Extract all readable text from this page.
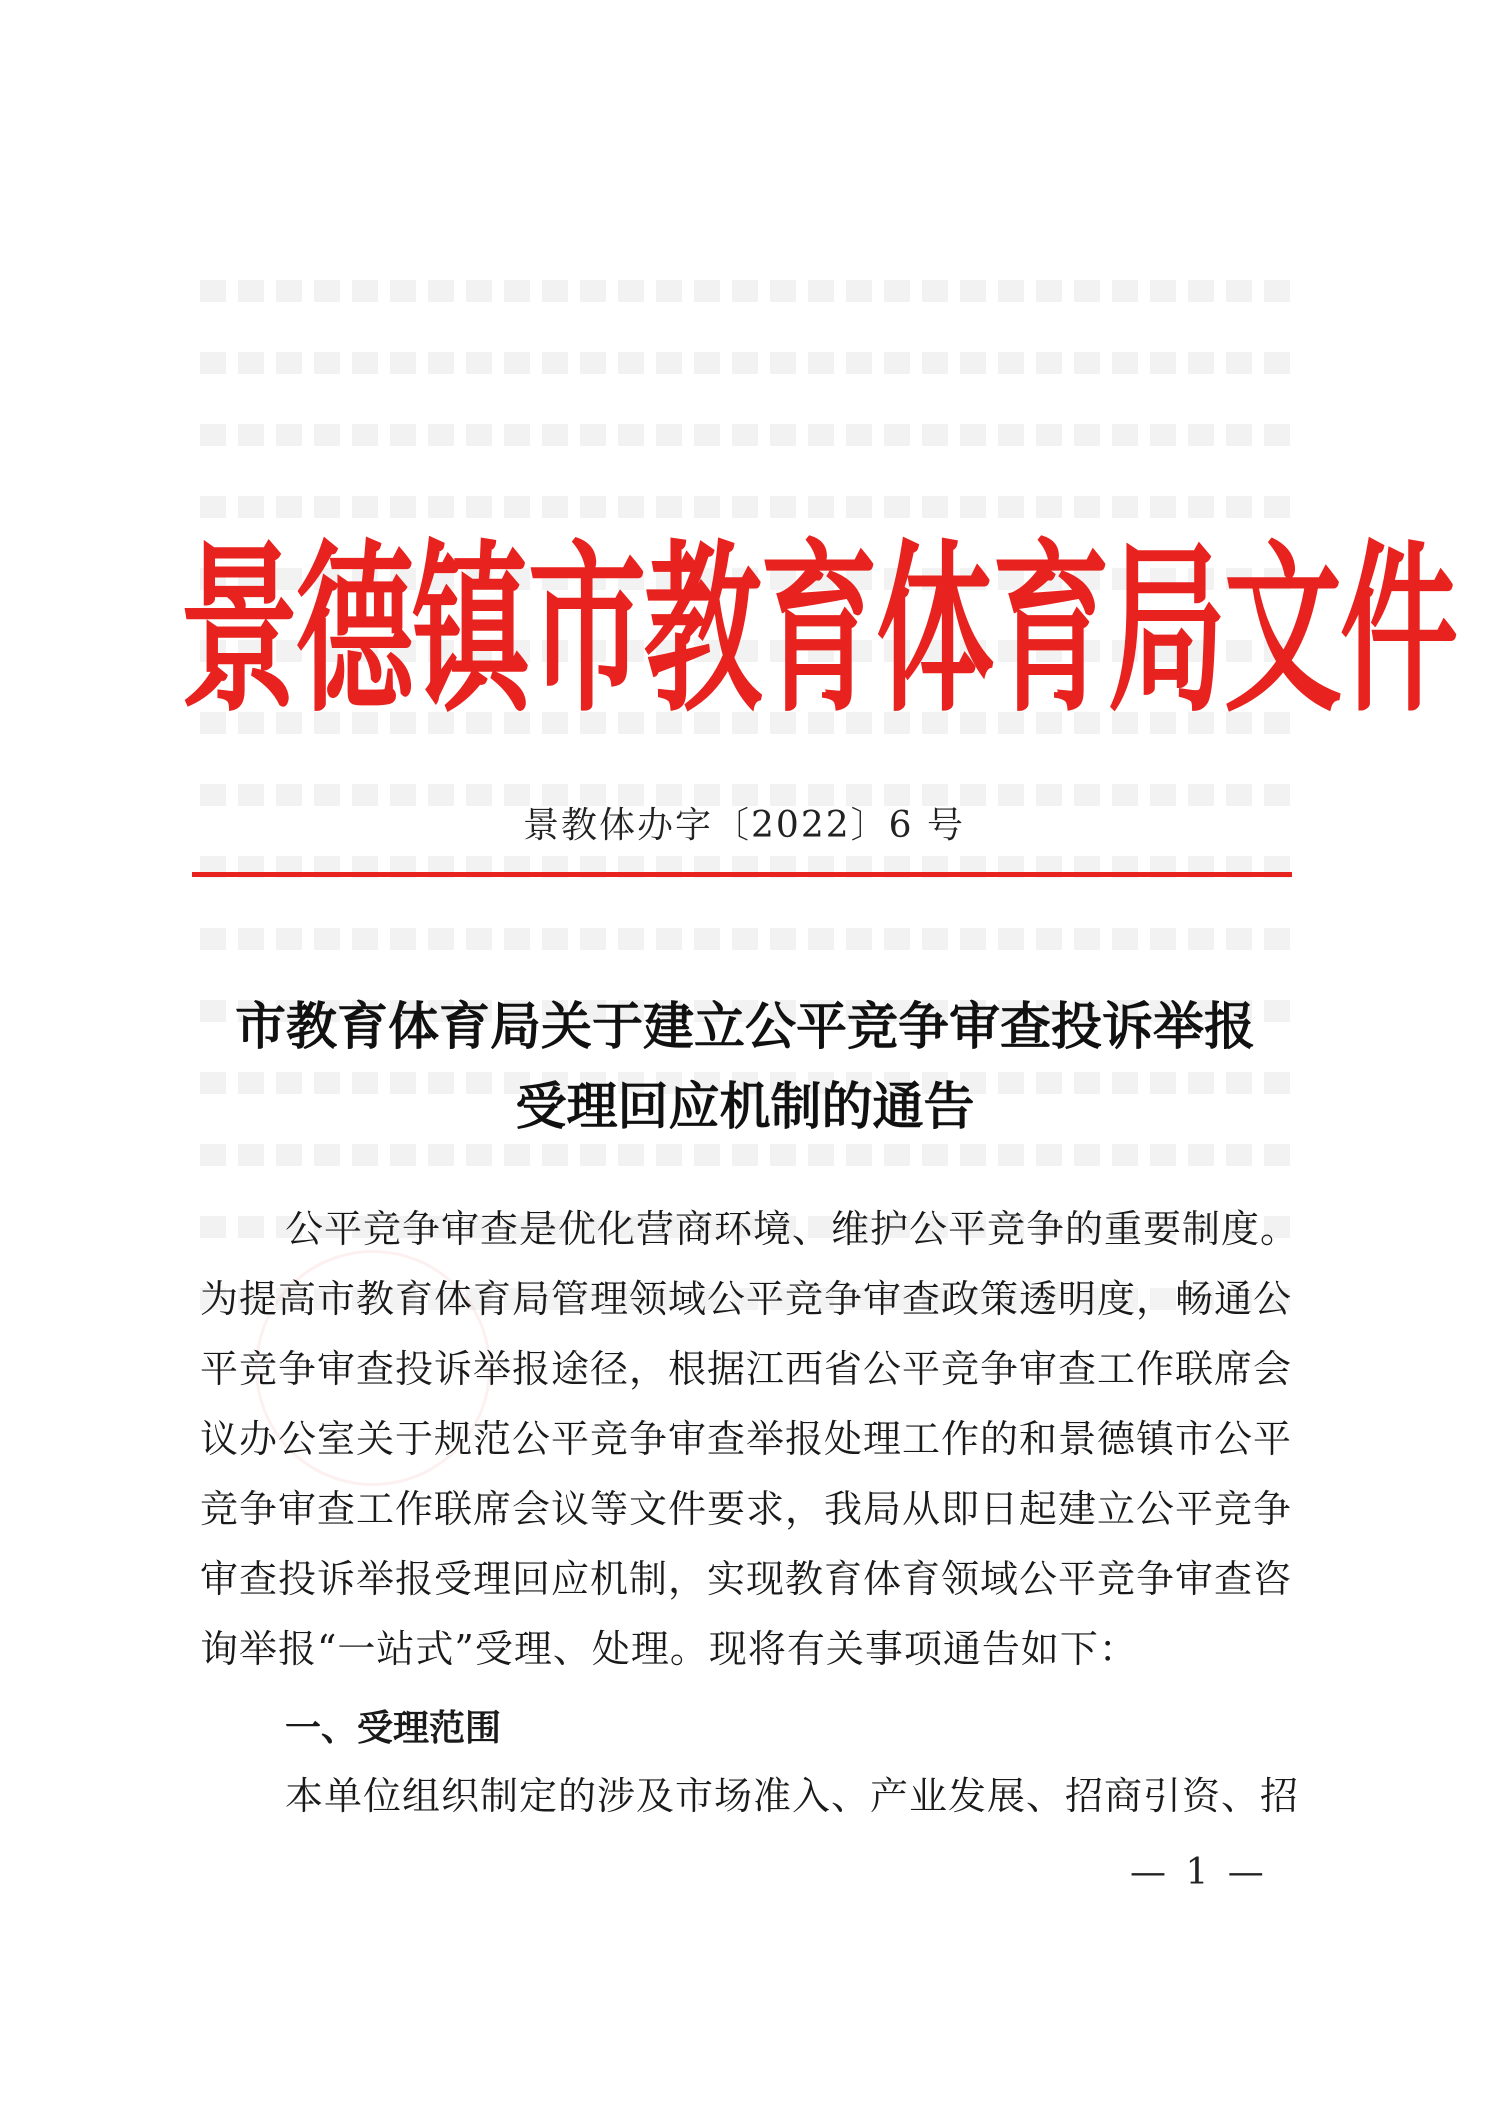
景德镇市教育体育局文件
景教体办字〔2022〕6 号
市教育体育局关于建立公平竞争审查投诉举报
受理回应机制的通告
公平竞争审查是优化营商环境、维护公平竞争的重要制度。
为提高市教育体育局管理领域公平竞争审查政策透明度，畅通公
平竞争审查投诉举报途径，根据江西省公平竞争审查工作联席会
议办公室关于规范公平竞争审查举报处理工作的和景德镇市公平
竞争审查工作联席会议等文件要求，我局从即日起建立公平竞争
审查投诉举报受理回应机制，实现教育体育领域公平竞争审查咨
询举报“一站式”受理、处理。现将有关事项通告如下：
一、受理范围
本单位组织制定的涉及市场准入、产业发展、招商引资、招
— 1 —
